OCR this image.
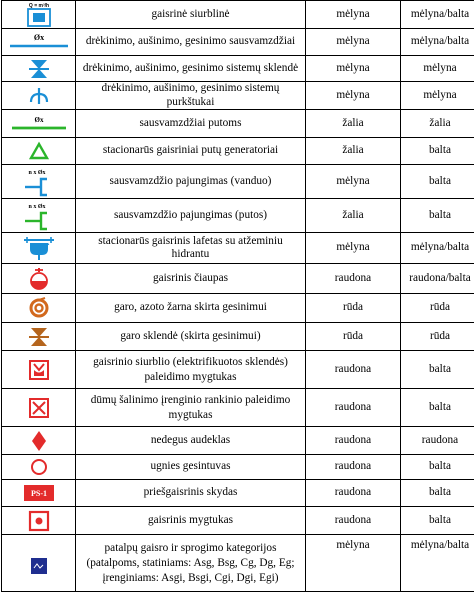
Q = m³/h	gaisrinė siurblinė	mėlyna	mėlyna/balta

Øx	drėkinimo, aušinimo, gesinimo sausvamzdžiai	mėlyna	mėlyna/balta

	drėkinimo, aušinimo, gesinimo sistemų sklendė	mėlyna	mėlyna

	drėkinimo, aušinimo, gesinimo sistemų purkštukai	mėlyna	mėlyna

Øx	sausvamzdžiai putoms	žalia	žalia

	stacionarūs gaisriniai putų generatoriai	žalia	balta

n x Øx	sausvamzdžio pajungimas (vanduo)	mėlyna	balta

n x Øx	sausvamzdžio pajungimas (putos)	žalia	balta

	stacionarūs gaisrinis lafetas su atžeminiu hidrantu	mėlyna	mėlyna/balta

	gaisrinis čiaupas	raudona	raudona/balta

	garo, azoto žarna skirta gesinimui	rūda	rūda

	garo sklendė (skirta gesinimui)	rūda	rūda

	gaisrinio siurblio (elektrifikuotos sklendės) paleidimo mygtukas	raudona	balta

	dūmų šalinimo įrenginio rankinio paleidimo mygtukas	raudona	balta

	nedegus audeklas	raudona	raudona

	ugnies gesintuvas	raudona	balta

PS-1	priešgaisrinis skydas	raudona	balta

	gaisrinis mygtukas	raudona	balta

	patalpų gaisro ir sprogimo kategorijos (patalpoms, statiniams: Asg, Bsg, Cg, Dg, Eg; įrenginiams: Asgi, Bsgi, Cgi, Dgi, Egi)	mėlyna	mėlyna/balta
